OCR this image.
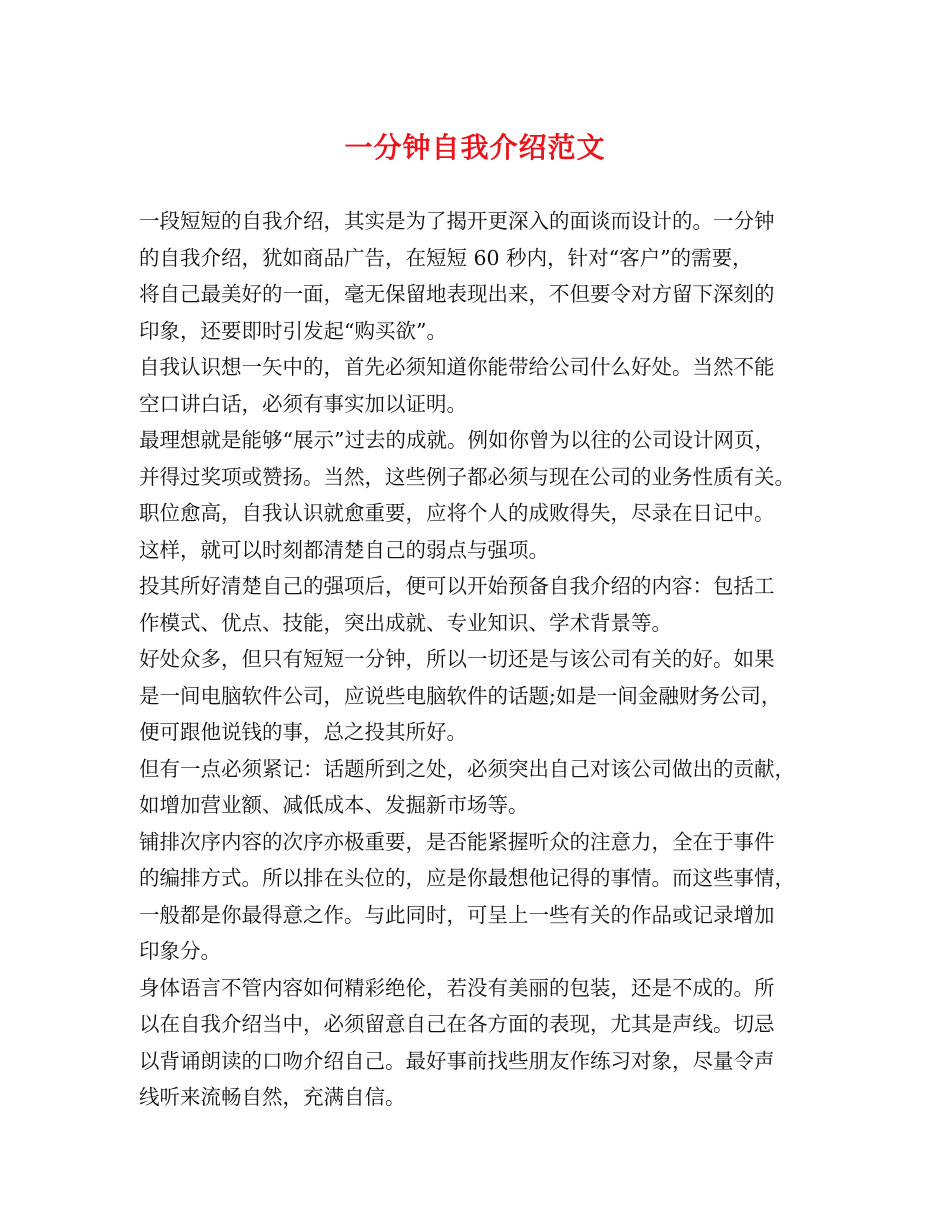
一分钟自我介绍范文
一段短短的自我介绍，其实是为了揭开更深入的面谈而设计的。一分钟
的自我介绍，犹如商品广告，在短短 60 秒内，针对“客户”的需要，
将自己最美好的一面，毫无保留地表现出来，不但要令对方留下深刻的
印象，还要即时引发起“购买欲”。
自我认识想一矢中的，首先必须知道你能带给公司什么好处。当然不能
空口讲白话，必须有事实加以证明。
最理想就是能够“展示”过去的成就。例如你曾为以往的公司设计网页，
并得过奖项或赞扬。当然，这些例子都必须与现在公司的业务性质有关。
职位愈高，自我认识就愈重要，应将个人的成败得失，尽录在日记中。
这样，就可以时刻都清楚自己的弱点与强项。
投其所好清楚自己的强项后，便可以开始预备自我介绍的内容：包括工
作模式、优点、技能，突出成就、专业知识、学术背景等。
好处众多，但只有短短一分钟，所以一切还是与该公司有关的好。如果
是一间电脑软件公司，应说些电脑软件的话题;如是一间金融财务公司，
便可跟他说钱的事，总之投其所好。
但有一点必须紧记：话题所到之处，必须突出自己对该公司做出的贡献，
如增加营业额、减低成本、发掘新市场等。
铺排次序内容的次序亦极重要，是否能紧握听众的注意力，全在于事件
的编排方式。所以排在头位的，应是你最想他记得的事情。而这些事情，
一般都是你最得意之作。与此同时，可呈上一些有关的作品或记录增加
印象分。
身体语言不管内容如何精彩绝伦，若没有美丽的包装，还是不成的。所
以在自我介绍当中，必须留意自己在各方面的表现，尤其是声线。切忌
以背诵朗读的口吻介绍自己。最好事前找些朋友作练习对象，尽量令声
线听来流畅自然，充满自信。
